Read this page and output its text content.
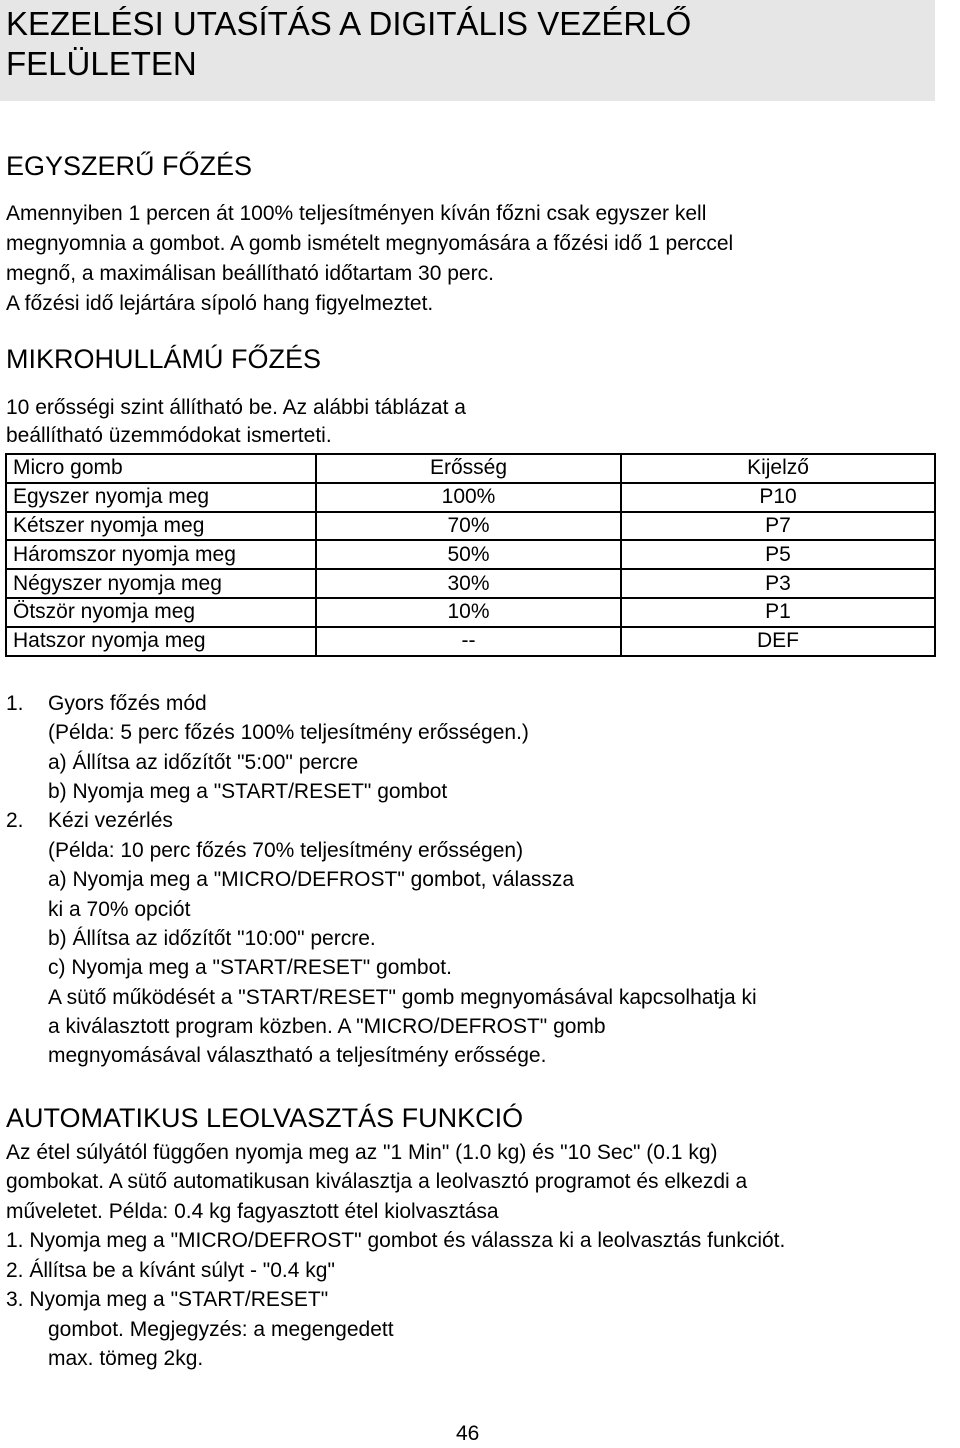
KEZELÉSI UTASÍTÁS A DIGITÁLIS VEZÉRLŐ
FELÜLETEN
EGYSZERŰ FŐZÉS
Amennyiben 1 percen át 100% teljesítményen kíván főzni csak egyszer kell
megnyomnia a gombot. A gomb ismételt megnyomására a főzési idő 1 perccel
megnő, a maximálisan beállítható időtartam 30 perc.
A főzési idő lejártára sípoló hang figyelmeztet.
MIKROHULLÁMÚ FŐZÉS
10 erősségi szint állítható be. Az alábbi táblázat a
beállítható üzemmódokat ismerteti.
Micro gomb	Erősség	Kijelző
Egyszer nyomja meg	100%	P10
Kétszer nyomja meg	70%	P7
Háromszor nyomja meg	50%	P5
Négyszer nyomja meg	30%	P3
Ötször nyomja meg	10%	P1
Hatszor nyomja meg	--	DEF
1. Gyors főzés mód
(Példa: 5 perc főzés 100% teljesítmény erősségen.)
a) Állítsa az időzítőt "5:00" percre
b) Nyomja meg a "START/RESET" gombot
2. Kézi vezérlés
(Példa: 10 perc főzés 70% teljesítmény erősségen)
a) Nyomja meg a "MICRO/DEFROST" gombot, válassza
ki a 70% opciót
b) Állítsa az időzítőt "10:00" percre.
c) Nyomja meg a "START/RESET" gombot.
A sütő működését a "START/RESET" gomb megnyomásával kapcsolhatja ki
a kiválasztott program közben. A "MICRO/DEFROST" gomb
megnyomásával választható a teljesítmény erőssége.
AUTOMATIKUS LEOLVASZTÁS FUNKCIÓ
Az étel súlyától függően nyomja meg az "1 Min" (1.0 kg) és "10 Sec" (0.1 kg)
gombokat. A sütő automatikusan kiválasztja a leolvasztó programot és elkezdi a
műveletet. Példa: 0.4 kg fagyasztott étel kiolvasztása
1. Nyomja meg a "MICRO/DEFROST" gombot és válassza ki a leolvasztás funkciót.
2. Állítsa be a kívánt súlyt - "0.4 kg"
3. Nyomja meg a "START/RESET"
gombot. Megjegyzés: a megengedett
max. tömeg 2kg.
46
